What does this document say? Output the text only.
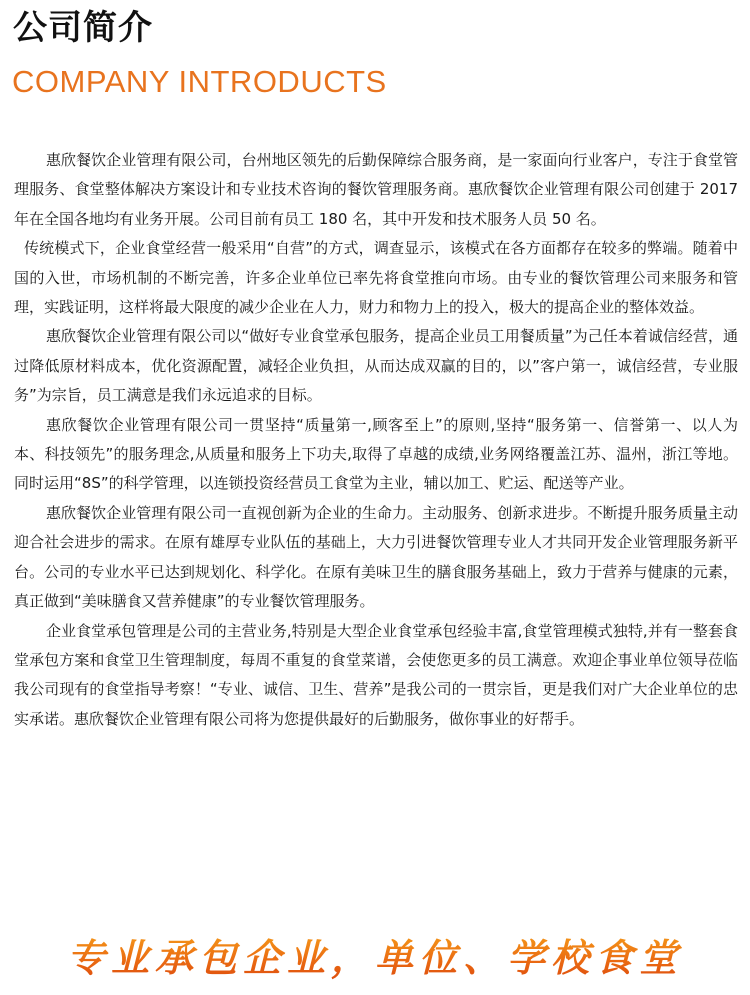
公司简介
COMPANY INTRODUCTS

惠欣餐饮企业管理有限公司，台州地区领先的后勤保障综合服务商，是一家面向行业客户，专注于食堂管理服务、食堂整体解决方案设计和专业技术咨询的餐饮管理服务商。惠欣餐饮企业管理有限公司创建于 2017 年在全国各地均有业务开展。公司目前有员工 180 名，其中开发和技术服务人员 50 名。

传统模式下，企业食堂经营一般采用“自营”的方式，调查显示，该模式在各方面都存在较多的弊端。随着中国的入世，市场机制的不断完善，许多企业单位已率先将食堂推向市场。由专业的餐饮管理公司来服务和管理，实践证明，这样将最大限度的减少企业在人力，财力和物力上的投入，极大的提高企业的整体效益。

惠欣餐饮企业管理有限公司以“做好专业食堂承包服务，提高企业员工用餐质量”为己任本着诚信经营，通过降低原材料成本，优化资源配置，减轻企业负担，从而达成双赢的目的，以”客户第一，诚信经营，专业服务”为宗旨，员工满意是我们永远追求的目标。

惠欣餐饮企业管理有限公司一贯坚持“质量第一,顾客至上”的原则,坚持“服务第一、信誉第一、以人为本、科技领先”的服务理念,从质量和服务上下功夫,取得了卓越的成绩,业务网络覆盖江苏、温州，浙江等地。同时运用“8S”的科学管理，以连锁投资经营员工食堂为主业，辅以加工、贮运、配送等产业。

惠欣餐饮企业管理有限公司一直视创新为企业的生命力。主动服务、创新求进步。不断提升服务质量主动迎合社会进步的需求。在原有雄厚专业队伍的基础上，大力引进餐饮管理专业人才共同开发企业管理服务新平台。公司的专业水平已达到规划化、科学化。在原有美味卫生的膳食服务基础上，致力于营养与健康的元素，真正做到“美味膳食又营养健康”的专业餐饮管理服务。

企业食堂承包管理是公司的主营业务,特别是大型企业食堂承包经验丰富,食堂管理模式独特,并有一整套食堂承包方案和食堂卫生管理制度，每周不重复的食堂菜谱，会使您更多的员工满意。欢迎企事业单位领导莅临我公司现有的食堂指导考察！“专业、诚信、卫生、营养”是我公司的一贯宗旨，更是我们对广大企业单位的忠实承诺。惠欣餐饮企业管理有限公司将为您提供最好的后勤服务，做你事业的好帮手。

专业承包企业，单位、学校食堂
